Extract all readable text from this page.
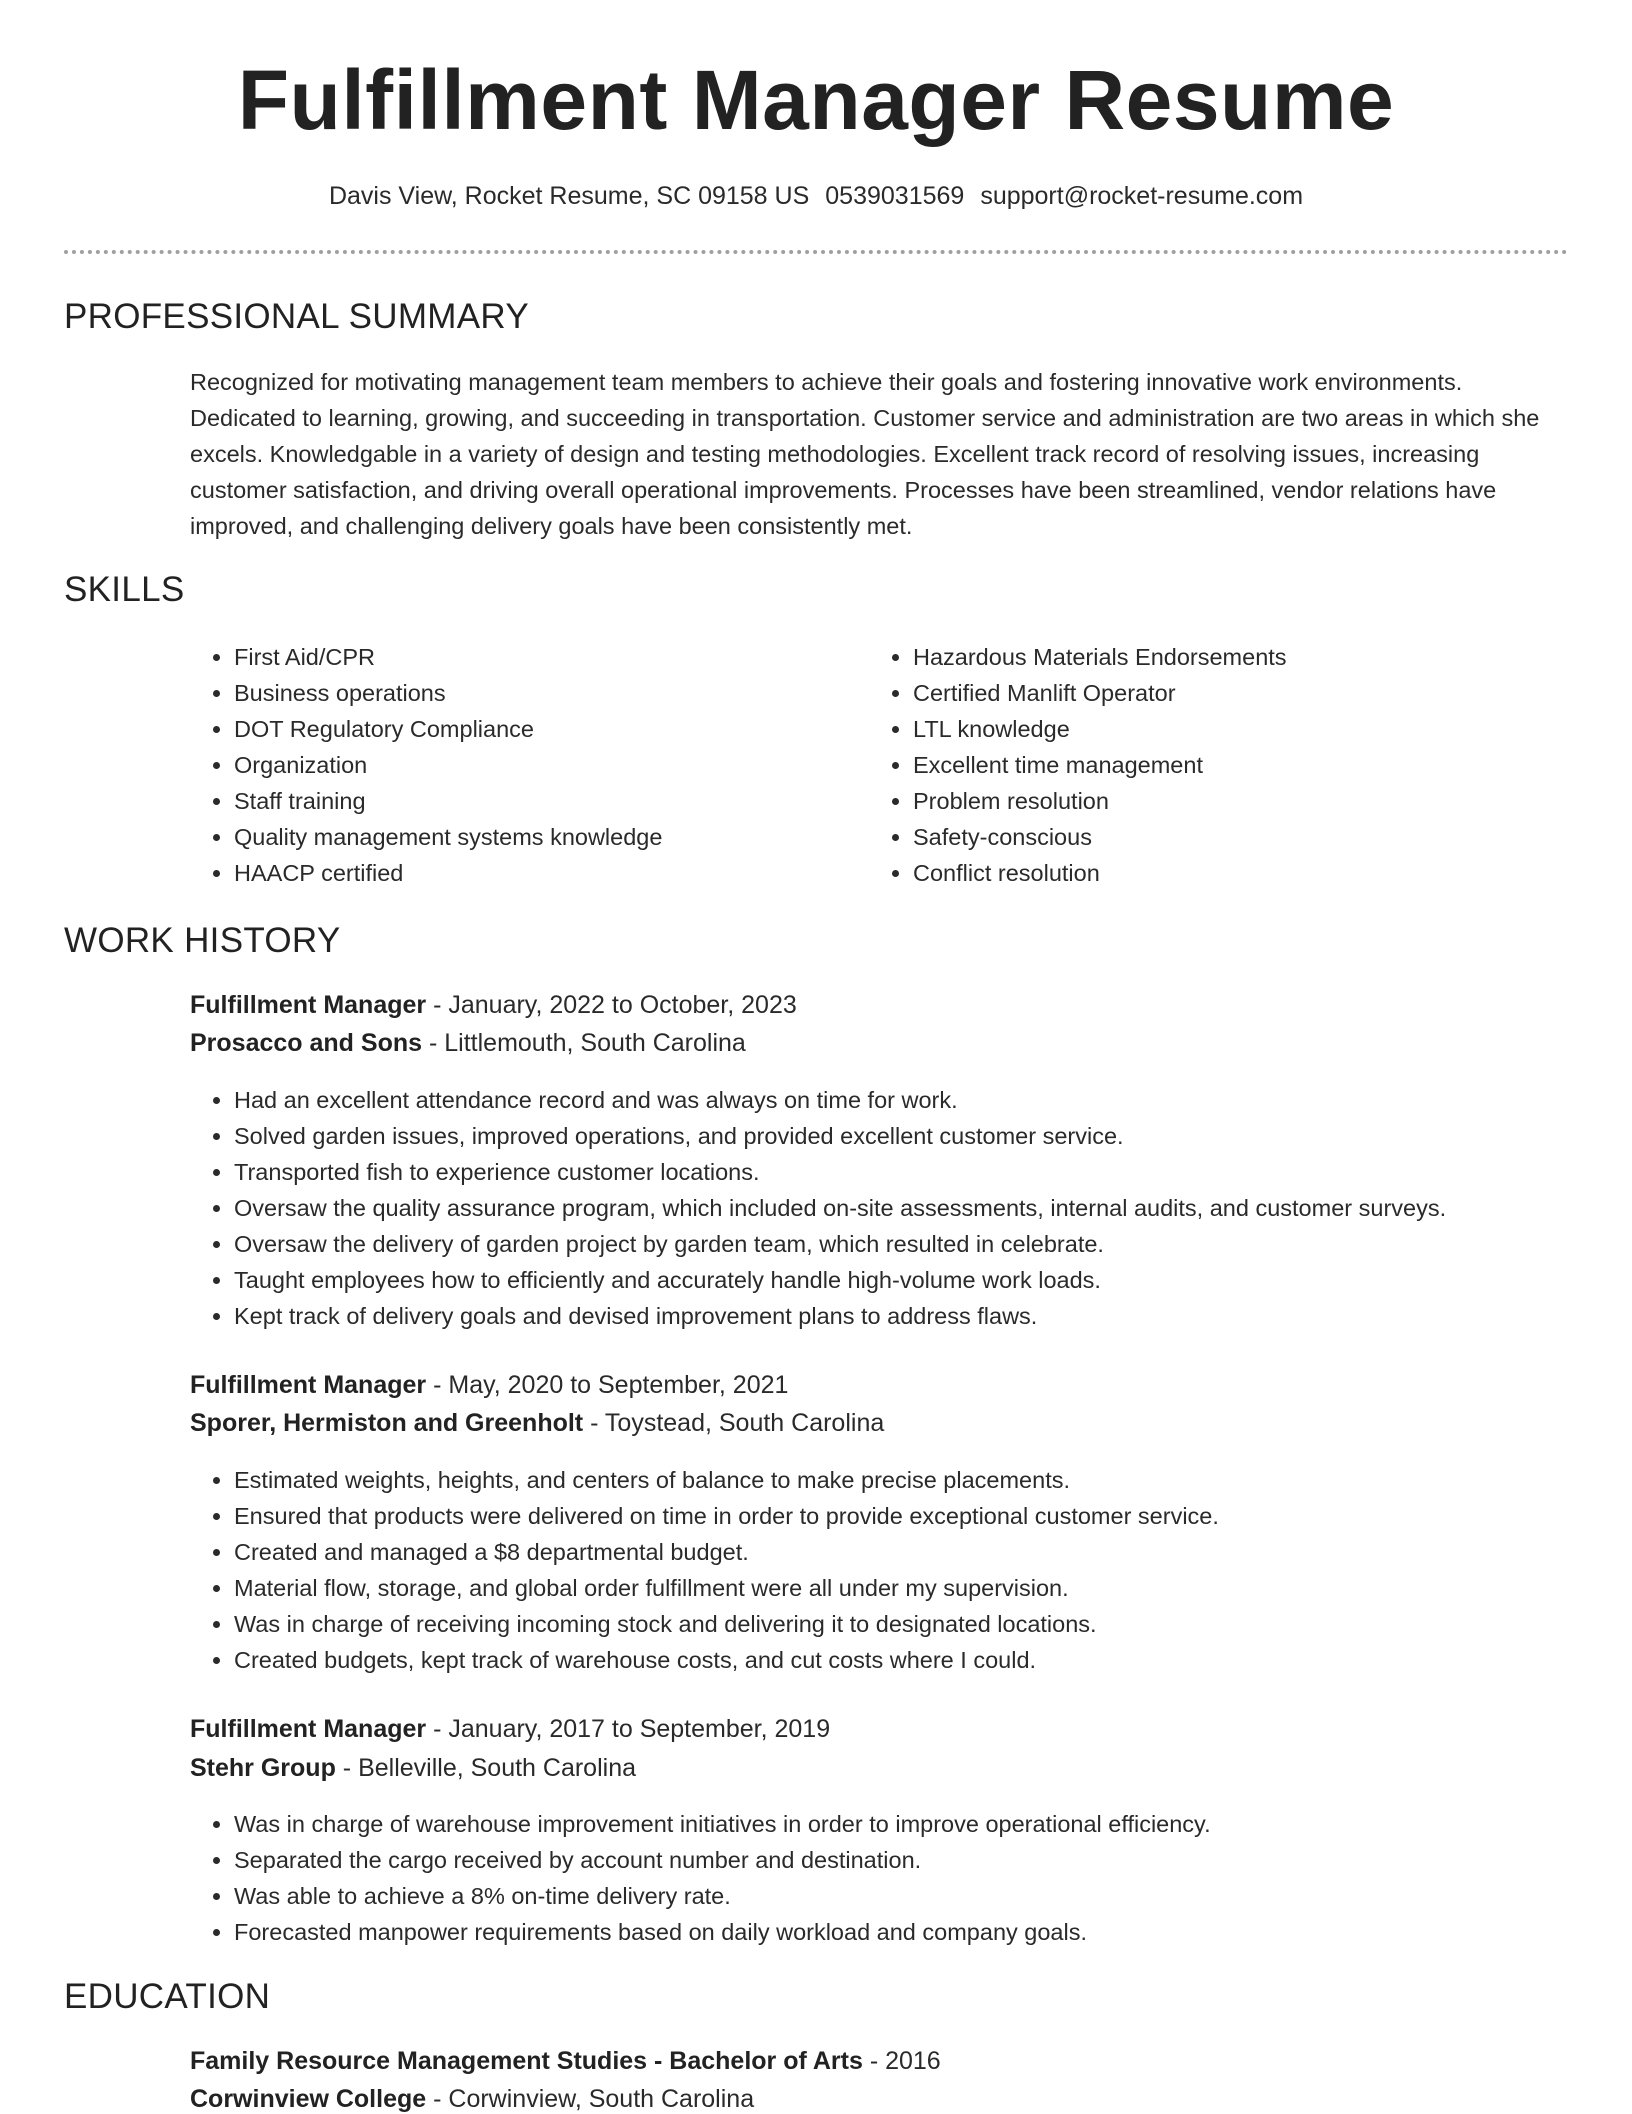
Fulfillment Manager Resume
Davis View, Rocket Resume, SC 09158 US 0539031569 support@rocket-resume.com
PROFESSIONAL SUMMARY

Recognized for motivating management team members to achieve their goals and fostering innovative work environments. Dedicated to learning, growing, and succeeding in transportation. Customer service and administration are two areas in which she excels. Knowledgable in a variety of design and testing methodologies. Excellent track record of resolving issues, increasing customer satisfaction, and driving overall operational improvements. Processes have been streamlined, vendor relations have improved, and challenging delivery goals have been consistently met.

SKILLS
• First Aid/CPR
• Business operations
• DOT Regulatory Compliance
• Organization
• Staff training
• Quality management systems knowledge
• HAACP certified
• Hazardous Materials Endorsements
• Certified Manlift Operator
• LTL knowledge
• Excellent time management
• Problem resolution
• Safety-conscious
• Conflict resolution
WORK HISTORY
Fulfillment Manager - January, 2022 to October, 2023
Prosacco and Sons - Littlemouth, South Carolina
• Had an excellent attendance record and was always on time for work.
• Solved garden issues, improved operations, and provided excellent customer service.
• Transported fish to experience customer locations.
• Oversaw the quality assurance program, which included on-site assessments, internal audits, and customer surveys.
• Oversaw the delivery of garden project by garden team, which resulted in celebrate.
• Taught employees how to efficiently and accurately handle high-volume work loads.
• Kept track of delivery goals and devised improvement plans to address flaws.
Fulfillment Manager - May, 2020 to September, 2021
Sporer, Hermiston and Greenholt - Toystead, South Carolina
• Estimated weights, heights, and centers of balance to make precise placements.
• Ensured that products were delivered on time in order to provide exceptional customer service.
• Created and managed a $8 departmental budget.
• Material flow, storage, and global order fulfillment were all under my supervision.
• Was in charge of receiving incoming stock and delivering it to designated locations.
• Created budgets, kept track of warehouse costs, and cut costs where I could.
Fulfillment Manager - January, 2017 to September, 2019
Stehr Group - Belleville, South Carolina
• Was in charge of warehouse improvement initiatives in order to improve operational efficiency.
• Separated the cargo received by account number and destination.
• Was able to achieve a 8% on-time delivery rate.
• Forecasted manpower requirements based on daily workload and company goals.
EDUCATION
Family Resource Management Studies - Bachelor of Arts - 2016
Corwinview College - Corwinview, South Carolina
